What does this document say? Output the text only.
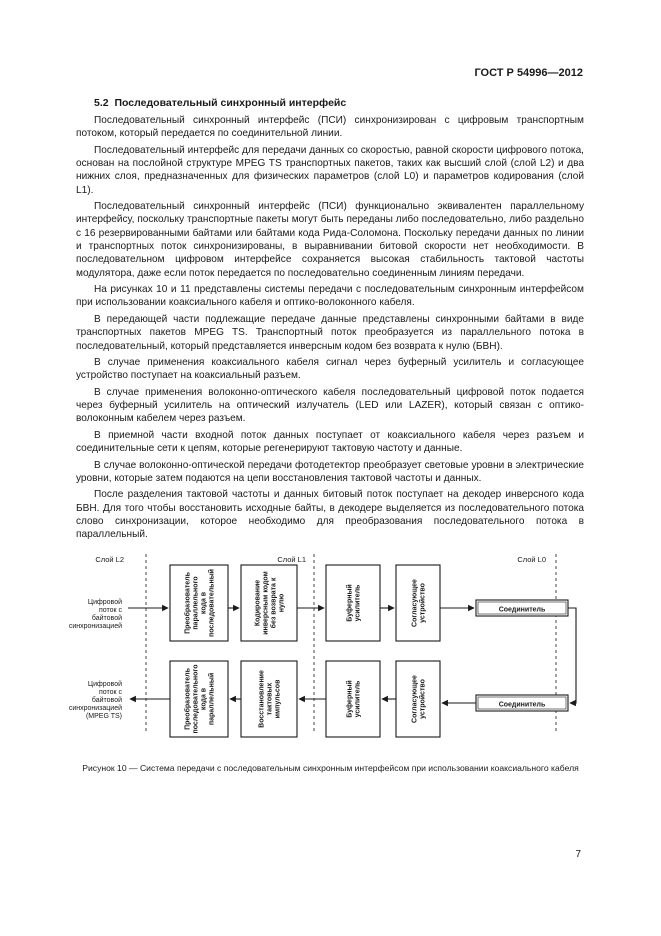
ГОСТ Р 54996—2012
5.2 Последовательный синхронный интерфейс

Последовательный синхронный интерфейс (ПСИ) синхронизирован с цифровым транспортным потоком, который передается по соединительной линии.

Последовательный интерфейс для передачи данных со скоростью, равной скорости цифрового потока, основан на послойной структуре MPEG TS транспортных пакетов, таких как высший слой (слой L2) и два нижних слоя, предназначенных для физических параметров (слой L0) и параметров кодирования (слой L1).

Последовательный синхронный интерфейс (ПСИ) функционально эквивалентен параллельному интерфейсу, поскольку транспортные пакеты могут быть переданы либо последовательно, либо раздельно с 16 резервированными байтами или байтами кода Рида-Соломона. Поскольку передачи данных по линии и транспортных поток синхронизированы, в выравнивании битовой скорости нет необходимости. В последовательном цифровом интерфейсе сохраняется высокая стабильность тактовой частоты модулятора, даже если поток передается по последовательно соединенным линиям передачи.

На рисунках 10 и 11 представлены системы передачи с последовательным синхронным интерфейсом при использовании коаксиального кабеля и оптико-волоконного кабеля.

В передающей части подлежащие передаче данные представлены синхронными байтами в виде транспортных пакетов MPEG TS. Транспортный поток преобразуется из параллельного потока в последовательный, который представляется инверсным кодом без возврата к нулю (БВН).

В случае применения коаксиального кабеля сигнал через буферный усилитель и согласующее устройство поступает на коаксиальный разъем.

В случае применения волоконно-оптического кабеля последовательный цифровой поток подается через буферный усилитель на оптический излучатель (LED или LAZER), который связан с оптико-волоконным кабелем через разъем.

В приемной части входной поток данных поступает от коаксиального кабеля через разъем и соединительные сети к цепям, которые регенерируют тактовую частоту и данные.

В случае волоконно-оптической передачи фотодетектор преобразует световые уровни в электрические уровни, которые затем подаются на цепи восстановления тактовой частоты и данных.

После разделения тактовой частоты и данных битовый поток поступает на декодер инверсного кода БВН. Для того чтобы восстановить исходные байты, в декодере выделяется из последовательного потока слово синхронизации, которое необходимо для преобразования последовательного потока в параллельный.

Слой L2	Слой L1	Слой L0
Цифровой поток с байтовой синхронизацией
Цифровой поток с байтовой синхронизацией (MPEG TS)
Преобразовательпараллельногокода впоследовательный	Кодированиеинверсным кодомбез возврата кнулю	Буферныйусилитель	Согласующееустройство
Преобразовательпоследовательногокода впараллельный	Восстановлениетактовыхимпульсов	Буферныйусилитель	Согласующееустройство
Соединитель
Соединитель
Рисунок 10 — Система передачи с последовательным синхронным интерфейсом при использовании коаксиального кабеля
7
